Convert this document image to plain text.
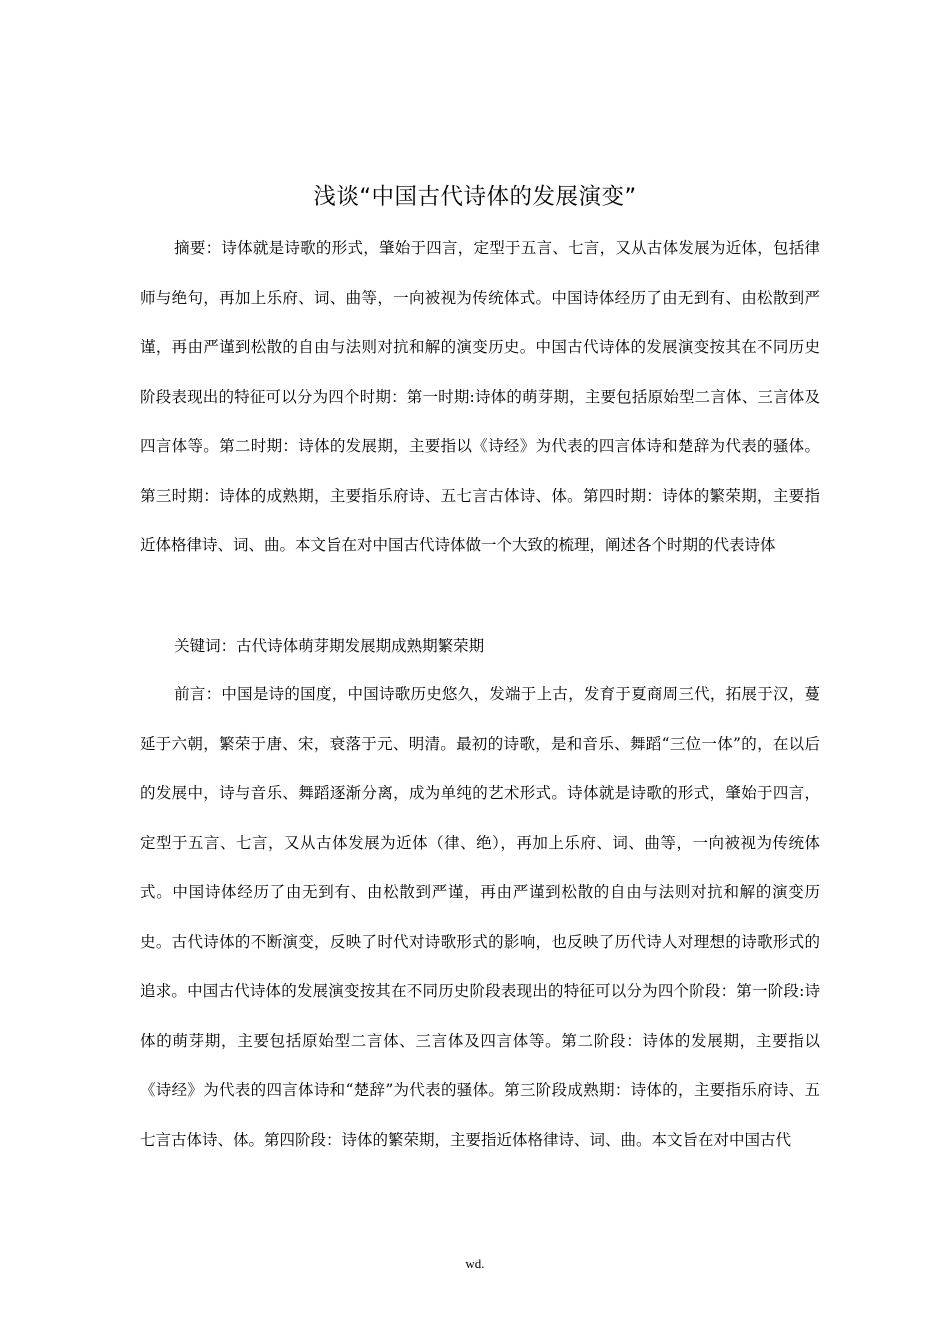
浅谈“中国古代诗体的发展演变”

摘要：诗体就是诗歌的形式，肇始于四言，定型于五言、七言，又从古体发展为近体，包括律师与绝句，再加上乐府、词、曲等，一向被视为传统体式。中国诗体经历了由无到有、由松散到严谨，再由严谨到松散的自由与法则对抗和解的演变历史。中国古代诗体的发展演变按其在不同历史阶段表现出的特征可以分为四个时期：第一时期:诗体的萌芽期，主要包括原始型二言体、三言体及四言体等。第二时期：诗体的发展期，主要指以《诗经》为代表的四言体诗和楚辞为代表的骚体。第三时期：诗体的成熟期，主要指乐府诗、五七言古体诗、体。第四时期：诗体的繁荣期，主要指近体格律诗、词、曲。本文旨在对中国古代诗体做一个大致的梳理，阐述各个时期的代表诗体

关键词：古代诗体萌芽期发展期成熟期繁荣期

前言：中国是诗的国度，中国诗歌历史悠久，发端于上古，发育于夏商周三代，拓展于汉，蔓延于六朝，繁荣于唐、宋，衰落于元、明清。最初的诗歌，是和音乐、舞蹈“三位一体”的，在以后的发展中，诗与音乐、舞蹈逐渐分离，成为单纯的艺术形式。诗体就是诗歌的形式，肇始于四言，定型于五言、七言，又从古体发展为近体（律、绝），再加上乐府、词、曲等，一向被视为传统体式。中国诗体经历了由无到有、由松散到严谨，再由严谨到松散的自由与法则对抗和解的演变历史。古代诗体的不断演变，反映了时代对诗歌形式的影响，也反映了历代诗人对理想的诗歌形式的追求。中国古代诗体的发展演变按其在不同历史阶段表现出的特征可以分为四个阶段：第一阶段:诗体的萌芽期，主要包括原始型二言体、三言体及四言体等。第二阶段：诗体的发展期，主要指以《诗经》为代表的四言体诗和“楚辞”为代表的骚体。第三阶段成熟期：诗体的，主要指乐府诗、五七言古体诗、体。第四阶段：诗体的繁荣期，主要指近体格律诗、词、曲。本文旨在对中国古代

wd.
